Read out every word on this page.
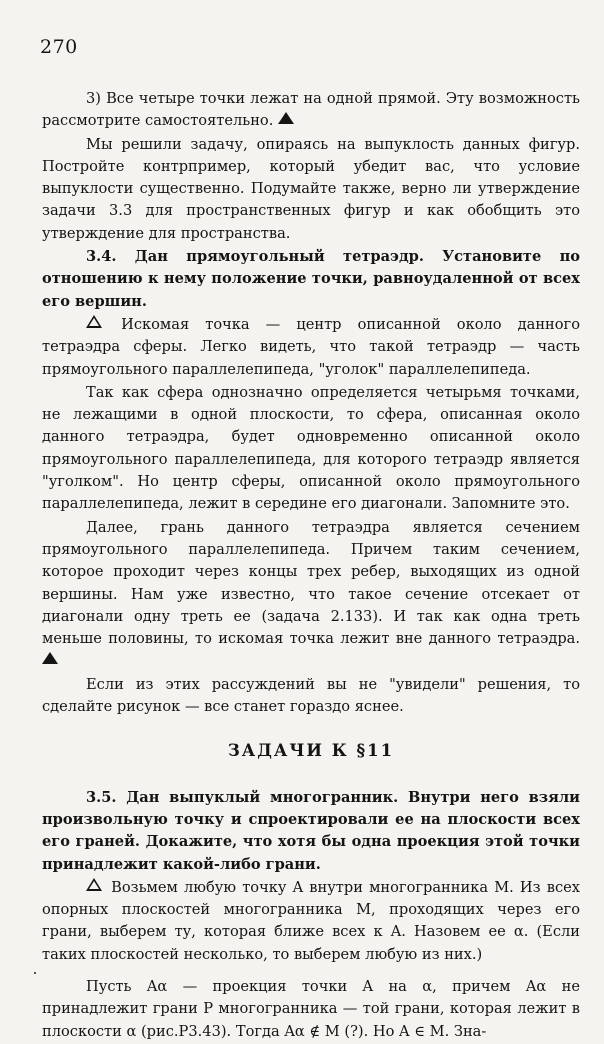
270

3) Все четыре точки лежат на одной прямой. Эту возможность рассмотрите самостоятельно.

Мы решили задачу, опираясь на выпуклость данных фигур. Постройте контрпример, который убедит вас, что условие выпуклости существенно. Подумайте также, верно ли утверждение задачи 3.3 для пространственных фигур и как обобщить это утверждение для пространства.

3.4. Дан прямоугольный тетраэдр. Установите по отношению к нему положение точки, равноудаленной от всех его вершин.

Искомая точка — центр описанной около данного тетраэдра сферы. Легко видеть, что такой тетраэдр — часть прямоугольного параллелепипеда, "уголок" параллелепипеда.

Так как сфера однозначно определяется четырьмя точками, не лежащими в одной плоскости, то сфера, описанная около данного тетраэдра, будет одновременно описанной около прямоугольного параллелепипеда, для которого тетраэдр является "уголком". Но центр сферы, описанной около прямоугольного параллелепипеда, лежит в середине его диагонали. Запомните это.

Далее, грань данного тетраэдра является сечением прямоугольного параллелепипеда. Причем таким сечением, которое проходит через концы трех ребер, выходящих из одной вершины. Нам уже известно, что такое сечение отсекает от диагонали одну треть ее (задача 2.133). И так как одна треть меньше половины, то искомая точка лежит вне данного тетраэдра.

Если из этих рассуждений вы не "увидели" решения, то сделайте рисунок — все станет гораздо яснее.

ЗАДАЧИ К §11

3.5. Дан выпуклый многогранник. Внутри него взяли произвольную точку и спроектировали ее на плоскости всех его граней. Докажите, что хотя бы одна проекция этой точки принадлежит какой-либо грани.

Возьмем любую точку A внутри многогранника M. Из всех опорных плоскостей многогранника M, проходящих через его грани, выберем ту, которая ближе всех к A. Назовем ее α. (Если таких плоскостей несколько, то выберем любую из них.)

Пусть Aα — проекция точки A на α, причем Aα не принадлежит грани P многогранника — той грани, которая лежит в плоскости α (рис.Р3.43). Тогда Aα ∉ M (?). Но A ∈ M. Зна-
